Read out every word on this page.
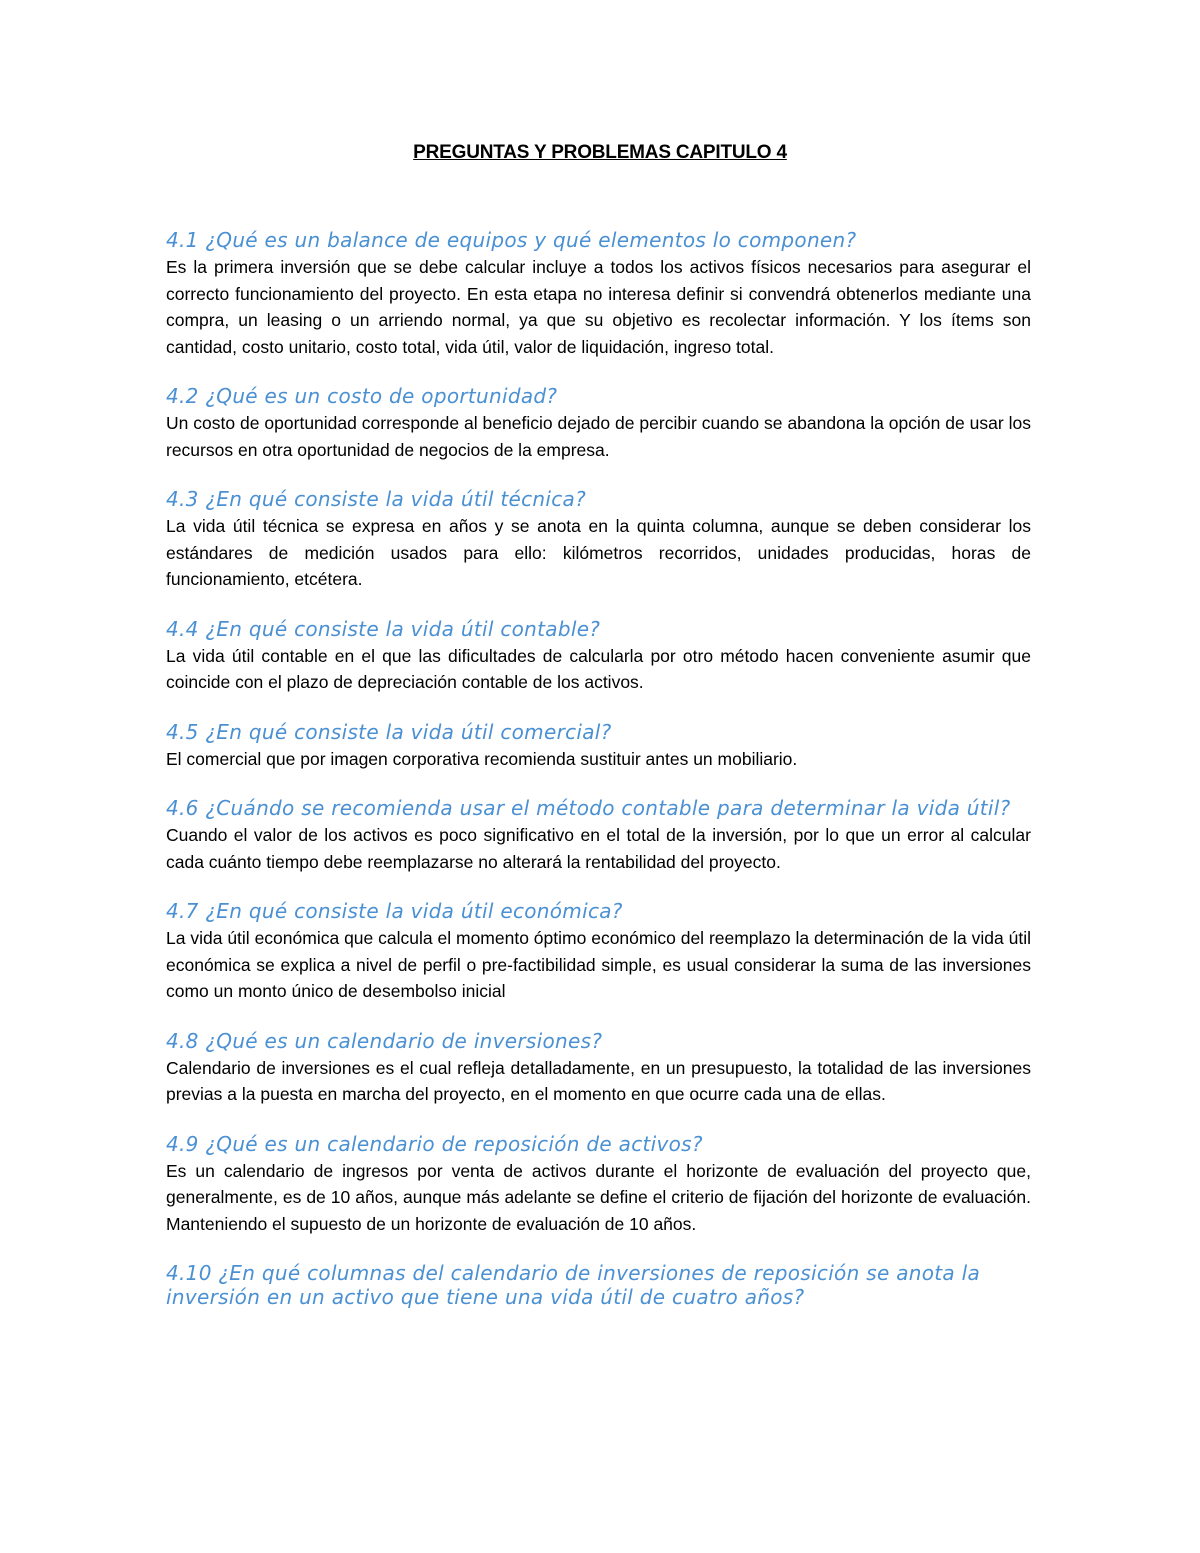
PREGUNTAS Y PROBLEMAS CAPITULO 4
4.1 ¿Qué es un balance de equipos y qué elementos lo componen?

Es la primera inversión que se debe calcular incluye a todos los activos físicos necesarios para asegurar el correcto funcionamiento del proyecto. En esta etapa no interesa definir si convendrá obtenerlos mediante una compra, un leasing o un arriendo normal, ya que su objetivo es recolectar información. Y los ítems son cantidad, costo unitario, costo total, vida útil, valor de liquidación, ingreso total.

4.2 ¿Qué es un costo de oportunidad?

Un costo de oportunidad corresponde al beneficio dejado de percibir cuando se abandona la opción de usar los recursos en otra oportunidad de negocios de la empresa.

4.3 ¿En qué consiste la vida útil técnica?

La vida útil técnica se expresa en años y se anota en la quinta columna, aunque se deben considerar los estándares de medición usados para ello: kilómetros recorridos, unidades producidas, horas de funcionamiento, etcétera.

4.4 ¿En qué consiste la vida útil contable?

La vida útil contable en el que las dificultades de calcularla por otro método hacen conveniente asumir que coincide con el plazo de depreciación contable de los activos.

4.5 ¿En qué consiste la vida útil comercial?

El comercial que por imagen corporativa recomienda sustituir antes un mobiliario.

4.6 ¿Cuándo se recomienda usar el método contable para determinar la vida útil?

Cuando el valor de los activos es poco significativo en el total de la inversión, por lo que un error al calcular cada cuánto tiempo debe reemplazarse no alterará la rentabilidad del proyecto.

4.7 ¿En qué consiste la vida útil económica?

La vida útil económica que calcula el momento óptimo económico del reemplazo la determinación de la vida útil económica se explica a nivel de perfil o pre-factibilidad simple, es usual considerar la suma de las inversiones como un monto único de desembolso inicial

4.8 ¿Qué es un calendario de inversiones?

Calendario de inversiones es el cual refleja detalladamente, en un presupuesto, la totalidad de las inversiones previas a la puesta en marcha del proyecto, en el momento en que ocurre cada una de ellas.

4.9 ¿Qué es un calendario de reposición de activos?

Es un calendario de ingresos por venta de activos durante el horizonte de evaluación del proyecto que, generalmente, es de 10 años, aunque más adelante se define el criterio de fijación del horizonte de evaluación. Manteniendo el supuesto de un horizonte de evaluación de 10 años.

4.10 ¿En qué columnas del calendario de inversiones de reposición se anota la inversión en un activo que tiene una vida útil de cuatro años?
